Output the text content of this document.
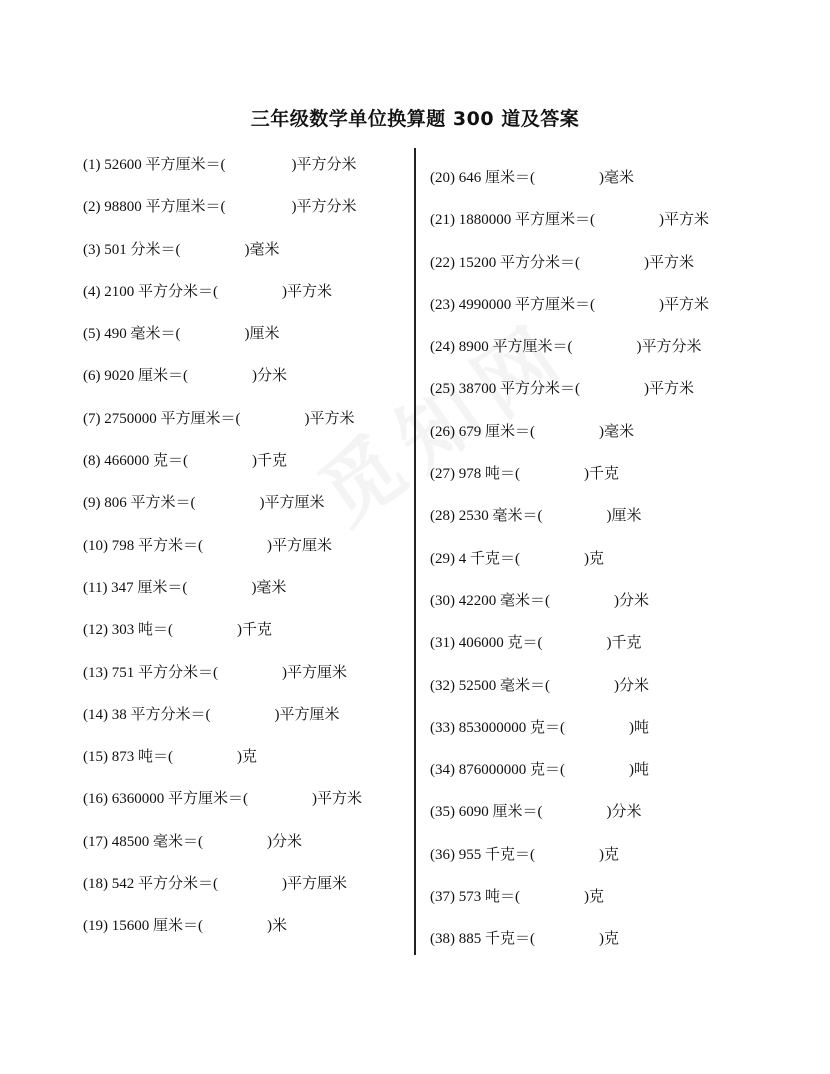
三年级数学单位换算题 300 道及答案
(1) 52600 平方厘米＝(	)平方分米
(2) 98800 平方厘米＝(	)平方分米
(3) 501 分米＝(	)毫米
(4) 2100 平方分米＝(	)平方米
(5) 490 毫米＝(	)厘米
(6) 9020 厘米＝(	)分米
(7) 2750000 平方厘米＝(	)平方米
(8) 466000 克＝(	)千克
(9) 806 平方米＝(	)平方厘米
(10) 798 平方米＝(	)平方厘米
(11) 347 厘米＝(	)毫米
(12) 303 吨＝(	)千克
(13) 751 平方分米＝(	)平方厘米
(14) 38 平方分米＝(	)平方厘米
(15) 873 吨＝(	)克
(16) 6360000 平方厘米＝(	)平方米
(17) 48500 毫米＝(	)分米
(18) 542 平方分米＝(	)平方厘米
(19) 15600 厘米＝(	)米
(20) 646 厘米＝(	)毫米
(21) 1880000 平方厘米＝(	)平方米
(22) 15200 平方分米＝(	)平方米
(23) 4990000 平方厘米＝(	)平方米
(24) 8900 平方厘米＝(	)平方分米
(25) 38700 平方分米＝(	)平方米
(26) 679 厘米＝(	)毫米
(27) 978 吨＝(	)千克
(28) 2530 毫米＝(	)厘米
(29) 4 千克＝(	)克
(30) 42200 毫米＝(	)分米
(31) 406000 克＝(	)千克
(32) 52500 毫米＝(	)分米
(33) 853000000 克＝(	)吨
(34) 876000000 克＝(	)吨
(35) 6090 厘米＝(	)分米
(36) 955 千克＝(	)克
(37) 573 吨＝(	)克
(38) 885 千克＝(	)克
